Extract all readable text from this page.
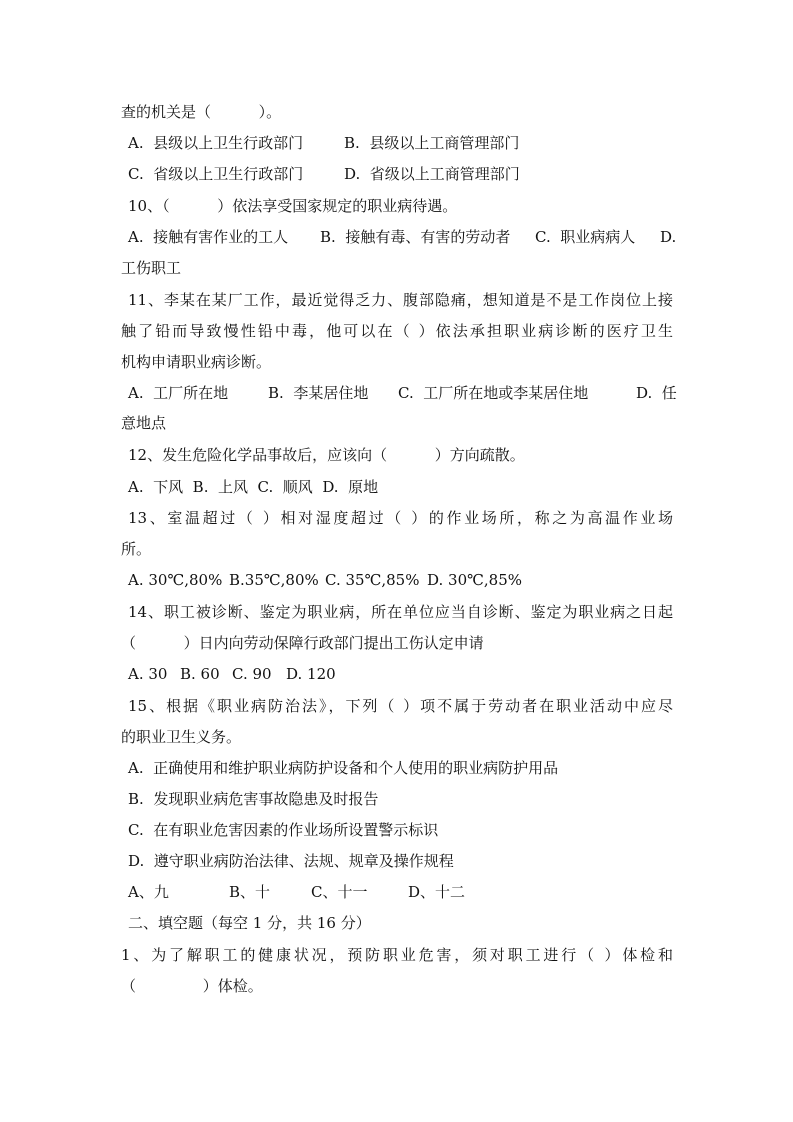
查的机关是（          ）。
A.  县级以上卫生行政部门	B.  县级以上工商管理部门
C.  省级以上卫生行政部门	D.  省级以上工商管理部门
10、（          ）依法享受国家规定的职业病待遇。
A.  接触有害作业的工人 B.  接触有毒、有害的劳动者 C.  职业病病人 D.
工伤职工
11、李某在某厂工作，最近觉得乏力、腹部隐痛，想知道是不是工作岗位上接
触了铅而导致慢性铅中毒，他可以在（ ）依法承担职业病诊断的医疗卫生
机构申请职业病诊断。
A.  工厂所在地	B.  李某居住地 C.  工厂所在地或李某居住地	D.  任
意地点
12、发生危险化学品事故后，应该向（          ）方向疏散。
A.  下风  B.  上风  C.  顺风  D.  原地
13、室温超过（ ）相对湿度超过（ ）的作业场所，称之为高温作业场
所。
A. 30℃,80% B.35℃,80% C. 35℃,85% D. 30℃,85%
14、职工被诊断、鉴定为职业病，所在单位应当自诊断、鉴定为职业病之日起
（          ）日内向劳动保障行政部门提出工伤认定申请
A. 30 B. 60 C. 90 D. 120
15、根据《职业病防治法》，下列（ ）项不属于劳动者在职业活动中应尽
的职业卫生义务。
A.  正确使用和维护职业病防护设备和个人使用的职业病防护用品
B.  发现职业病危害事故隐患及时报告
C.  在有职业危害因素的作业场所设置警示标识
D.  遵守职业病防治法律、法规、规章及操作规程
A、九	B、十	C、十一	D、十二
二、填空题（每空 1 分，共 16 分）
1、为了解职工的健康状况，预防职业危害，须对职工进行（ ）体检和
（              ）体检。
